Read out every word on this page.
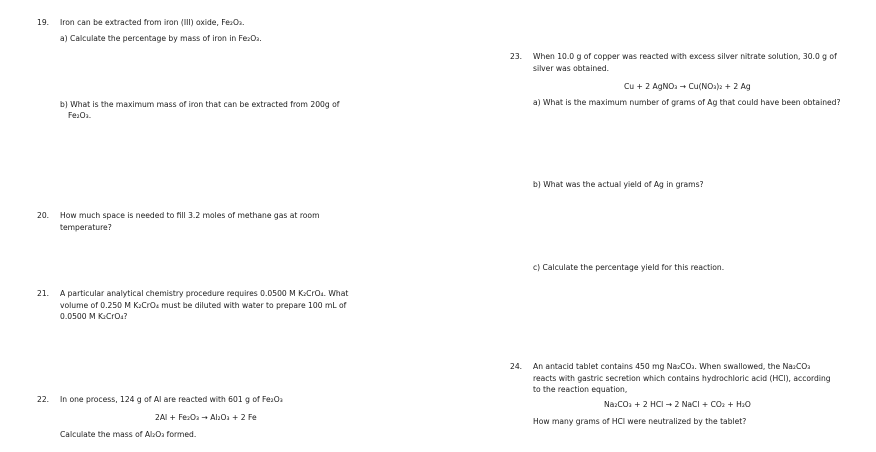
19. Iron can be extracted from iron (III) oxide, Fe₂O₃.
a) Calculate the percentage by mass of iron in Fe₂O₃.
b) What is the maximum mass of iron that can be extracted from 200g of
Fe₂O₃.
20. How much space is needed to fill 3.2 moles of methane gas at room
temperature?
21. A particular analytical chemistry procedure requires 0.0500 M K₂CrO₄. What
volume of 0.250 M K₂CrO₄ must be diluted with water to prepare 100 mL of
0.0500 M K₂CrO₄?
22. In one process, 124 g of Al are reacted with 601 g of Fe₂O₃
2Al + Fe₂O₃ → Al₂O₃ + 2 Fe
Calculate the mass of Al₂O₃ formed.
23. When 10.0 g of copper was reacted with excess silver nitrate solution, 30.0 g of
silver was obtained.
Cu + 2 AgNO₃ → Cu(NO₃)₂ + 2 Ag
a) What is the maximum number of grams of Ag that could have been obtained?
b) What was the actual yield of Ag in grams?
c) Calculate the percentage yield for this reaction.
24. An antacid tablet contains 450 mg Na₂CO₃. When swallowed, the Na₂CO₃
reacts with gastric secretion which contains hydrochloric acid (HCl), according
to the reaction equation,
Na₂CO₃ + 2 HCl → 2 NaCl + CO₂ + H₂O
How many grams of HCl were neutralized by the tablet?
